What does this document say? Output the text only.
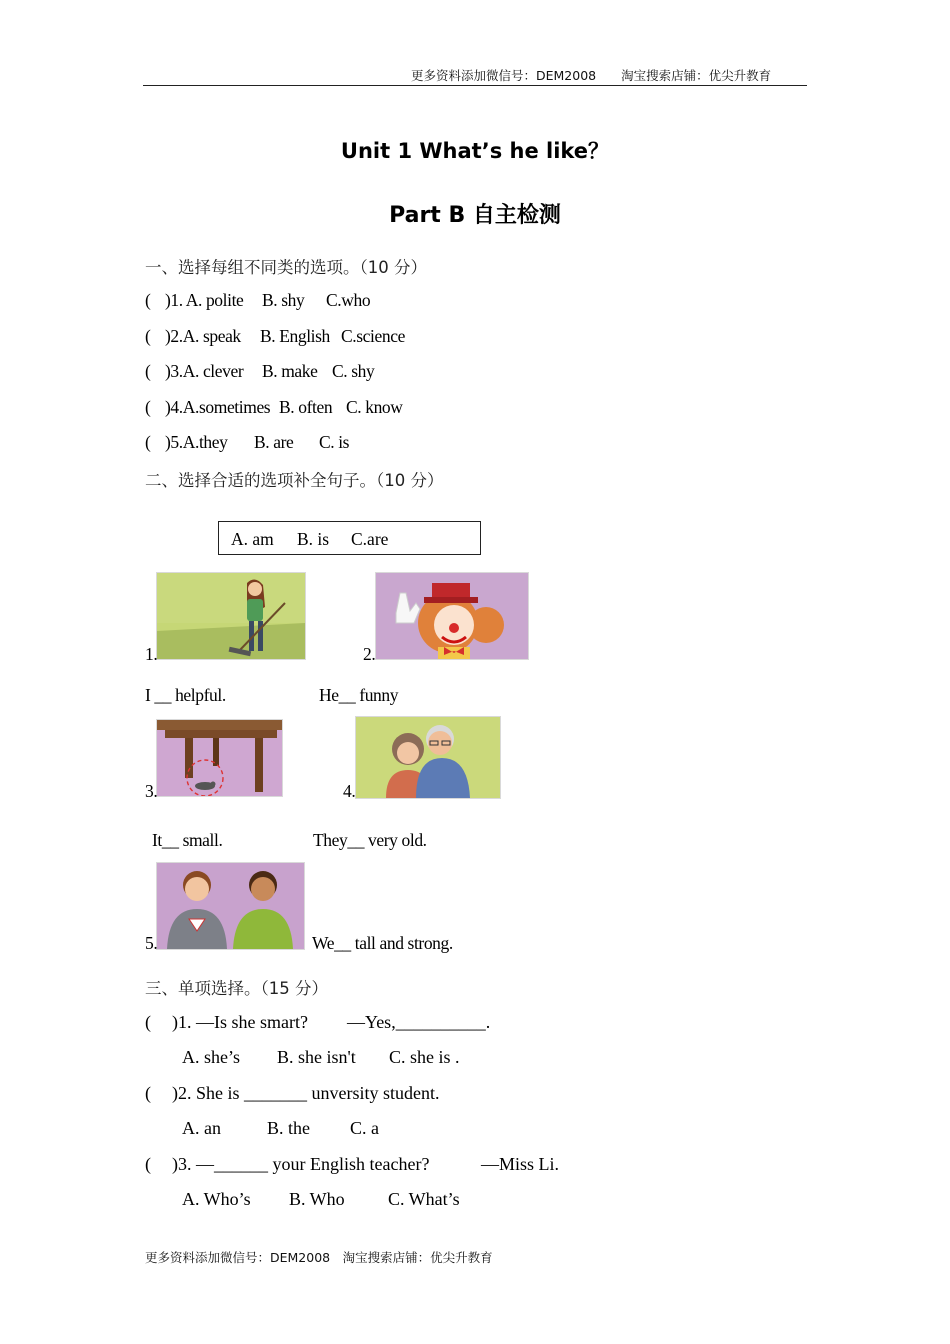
更多资料添加微信号：DEM2008　　淘宝搜索店铺：优尖升教育
Unit 1 What’s he like？
Part B 自主检测
一、选择每组不同类的选项。（10 分）
( )1. A. polite B. shy C.who
( )2.A. speak B. English C.science
( )3.A. clever B. make C. shy
( )4.A.sometimes B. often C. know
( )5.A.they B. are C. is
二、选择合适的选项补全句子。（10 分）
A. am B. is C.are
1.	2.
I __ helpful.	He__ funny
3.	4.
It__ small.	They__ very old.
5.	We__ tall and strong.
三、单项选择。（15 分）
( )1. —Is she smart? —Yes,__________.
A. she’s B. she isn't C. she is .
( )2. She is _______ unversity student.
A. an	B. the C. a
( )3. —______ your English teacher?	—Miss Li.
A. Who’s B. Who C. What’s
更多资料添加微信号：DEM2008　淘宝搜索店铺：优尖升教育
